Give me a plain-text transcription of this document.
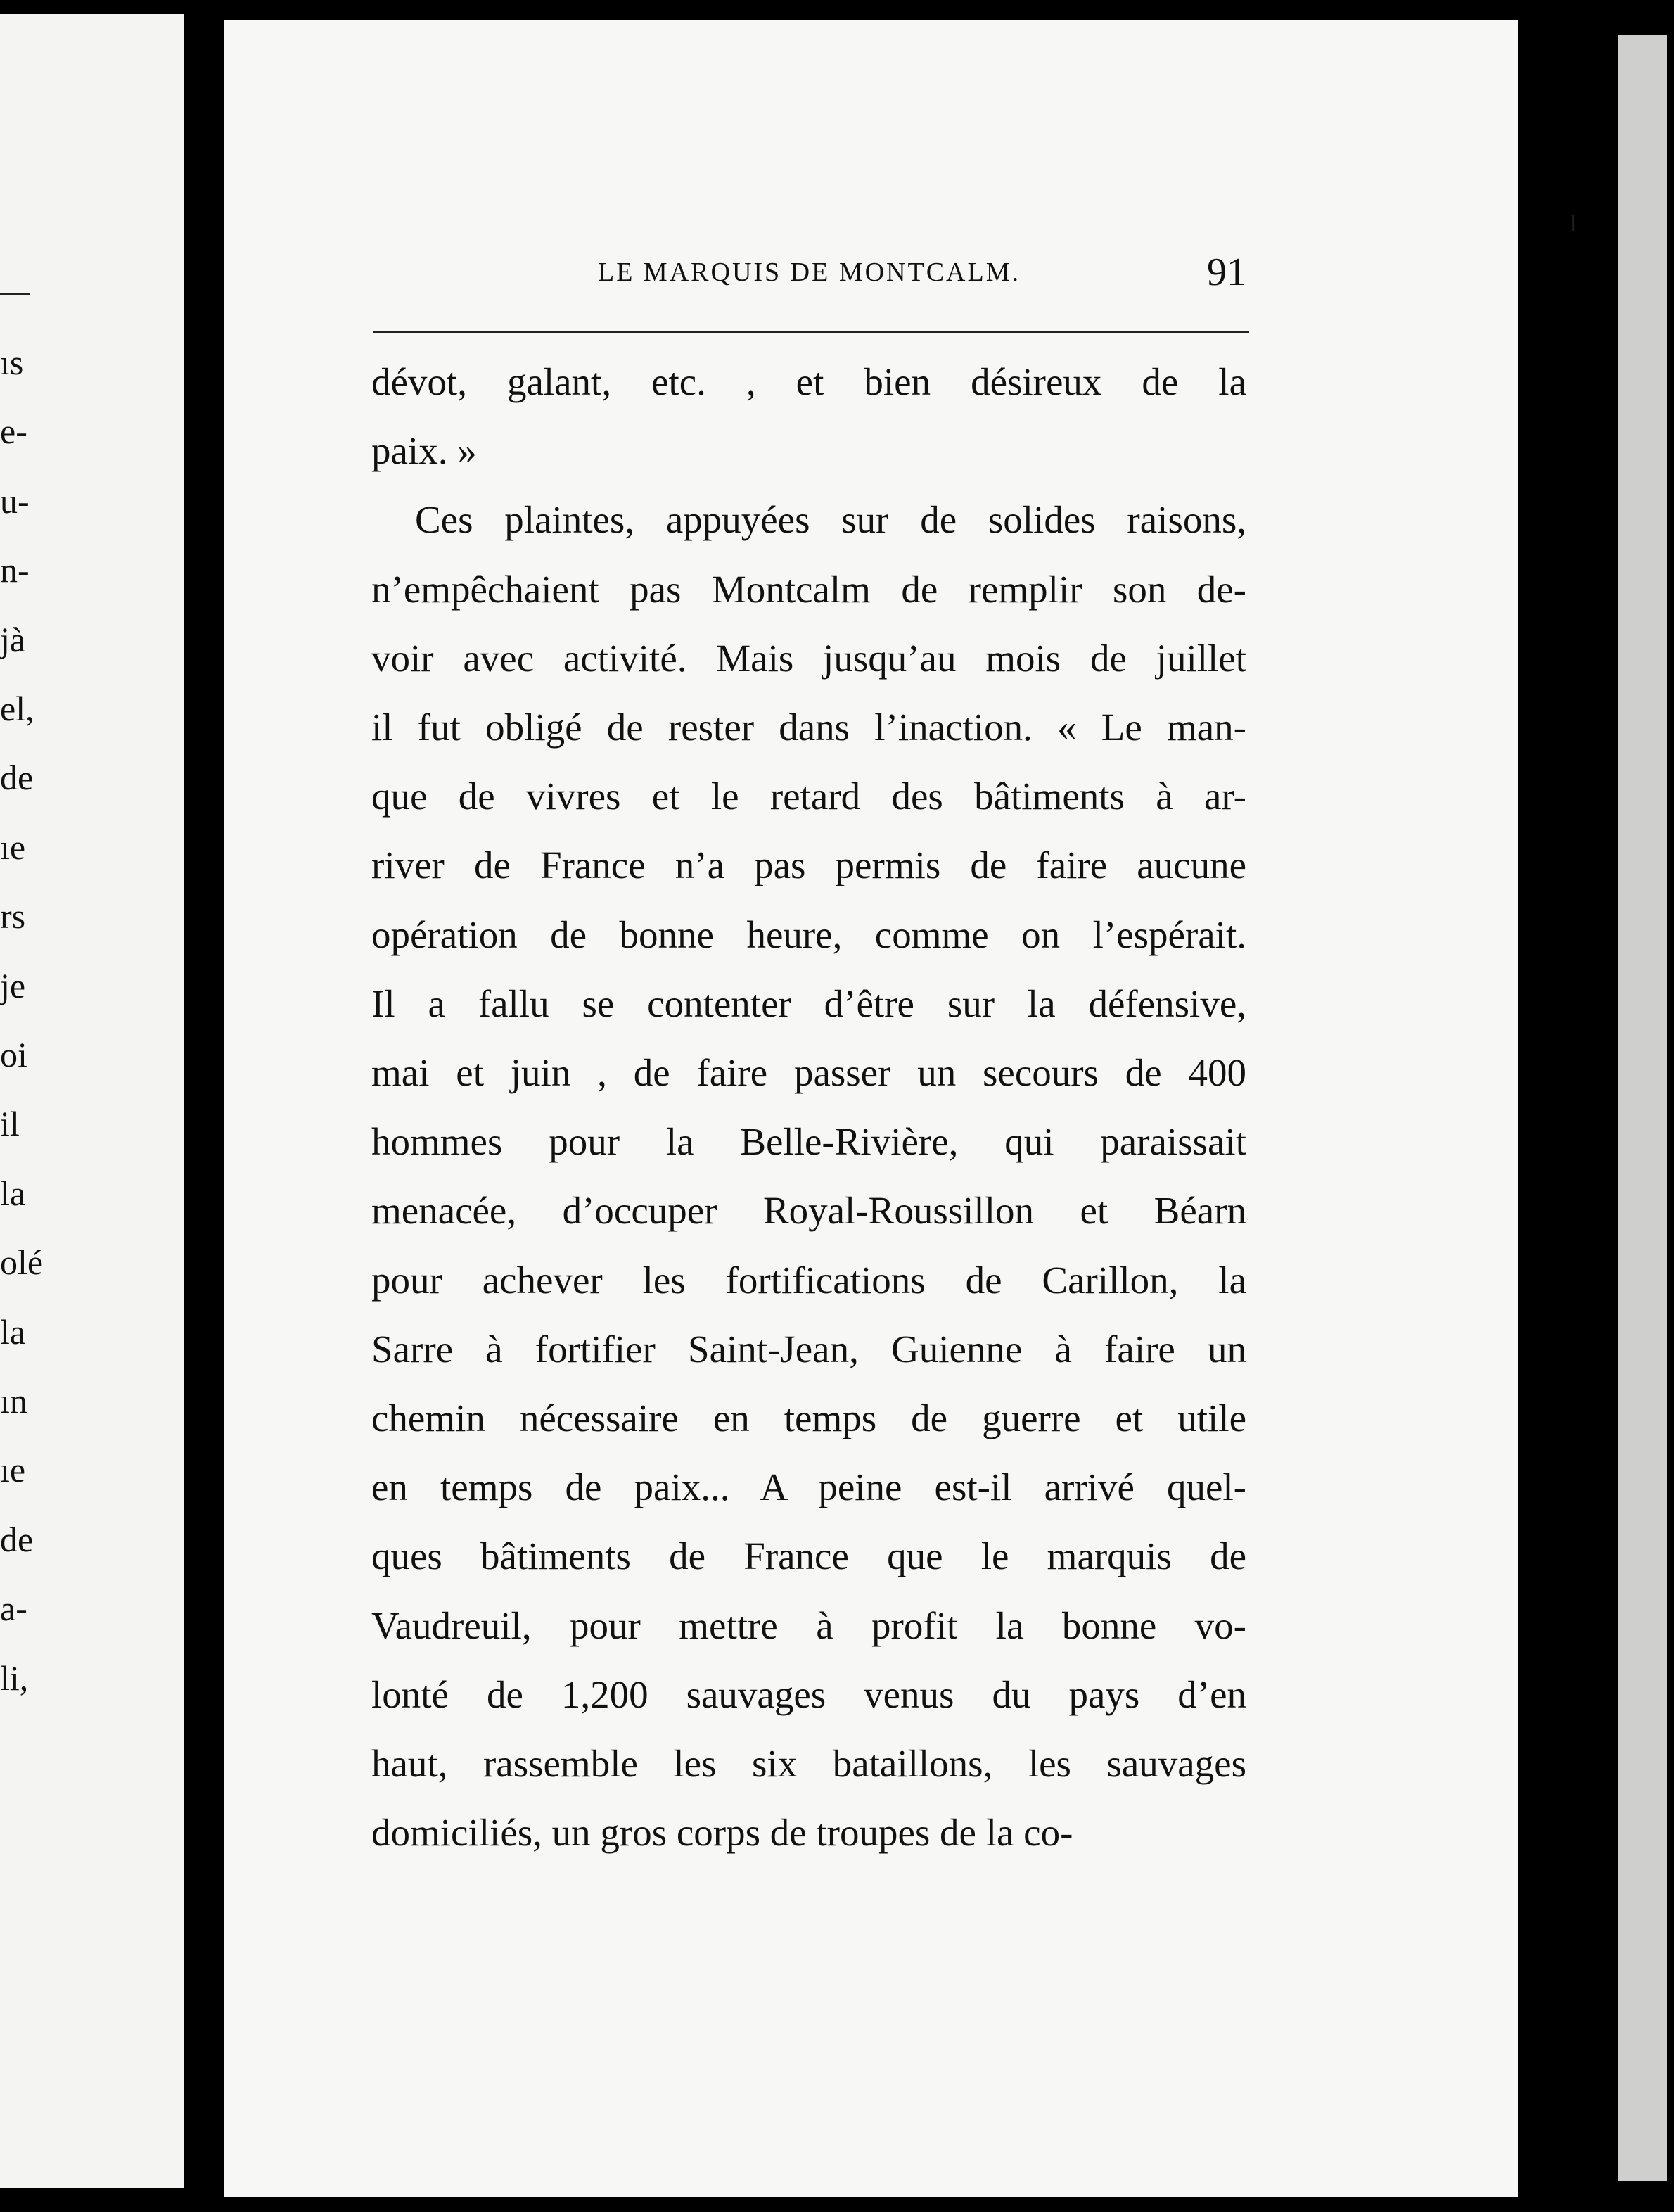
ıs
e-
u-
n-
jà
el,
de
ıe
rs
je
oi
il
la
olé
la
ın
ıe
de
a-
li,
l
LE MARQUIS DE MONTCALM.	91
dévot, galant, etc. , et bien désireux de la
paix. »
Ces plaintes, appuyées sur de solides raisons,
n’empêchaient pas Montcalm de remplir son de-
voir avec activité. Mais jusqu’au mois de juillet
il fut obligé de rester dans l’inaction. « Le man-
que de vivres et le retard des bâtiments à ar-
river de France n’a pas permis de faire aucune
opération de bonne heure, comme on l’espérait.
Il a fallu se contenter d’être sur la défensive,
mai et juin , de faire passer un secours de 400
hommes pour la Belle-Rivière, qui paraissait
menacée, d’occuper Royal-Roussillon et Béarn
pour achever les fortifications de Carillon, la
Sarre à fortifier Saint-Jean, Guienne à faire un
chemin nécessaire en temps de guerre et utile
en temps de paix... A peine est-il arrivé quel-
ques bâtiments de France que le marquis de
Vaudreuil, pour mettre à profit la bonne vo-
lonté de 1,200 sauvages venus du pays d’en
haut, rassemble les six bataillons, les sauvages
domiciliés, un gros corps de troupes de la co-
